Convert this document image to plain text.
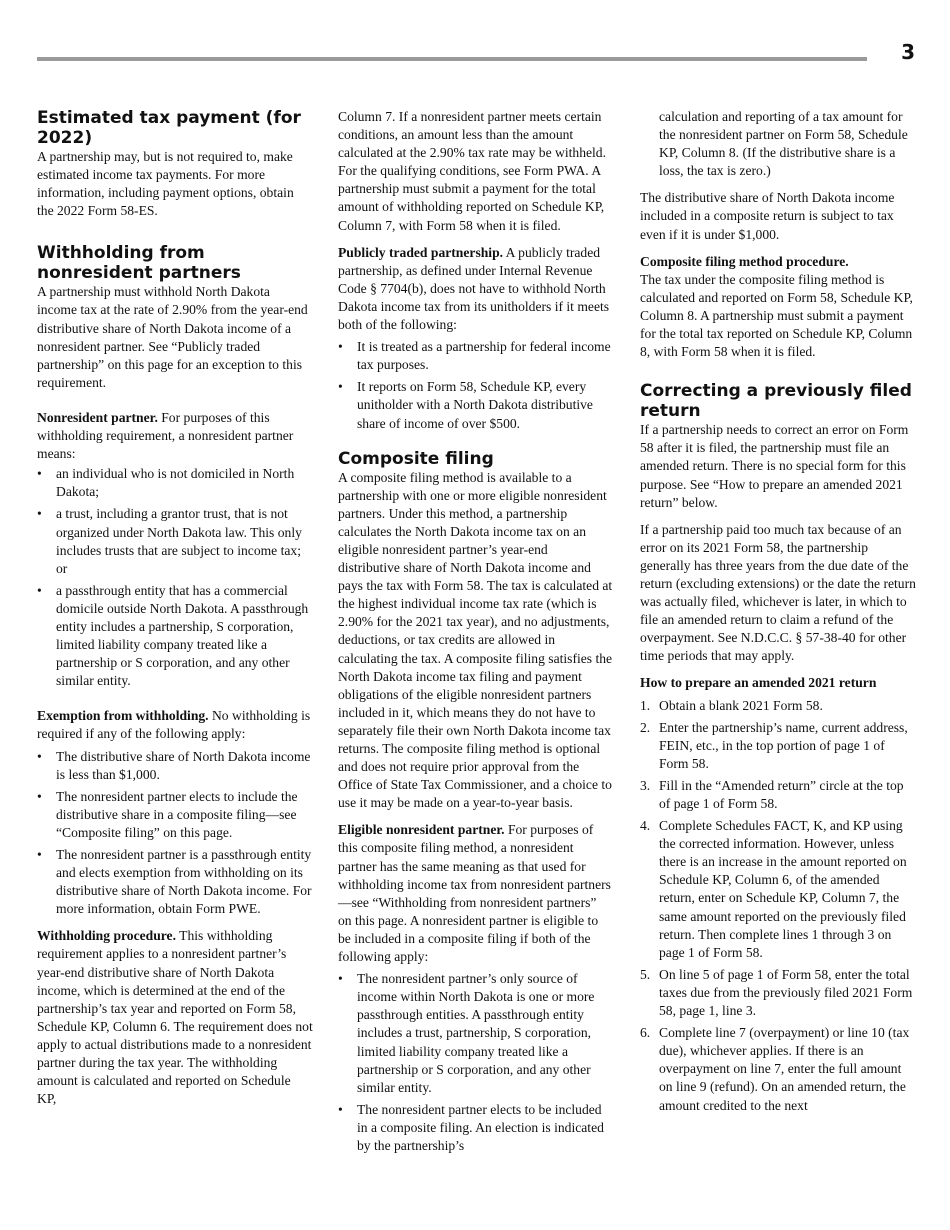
3
Estimated tax payment (for 2022)

A partnership may, but is not required to, make estimated income tax payments. For more information, including payment options, obtain the 2022 Form 58-ES.

Withholding from nonresident partners

A partnership must withhold North Dakota income tax at the rate of 2.90% from the year-end distributive share of North Dakota income of a nonresident partner. See “Publicly traded partnership” on this page for an exception to this requirement.

Nonresident partner. For purposes of this withholding requirement, a nonresident partner means:

• an individual who is not domiciled in North Dakota;
• a trust, including a grantor trust, that is not organized under North Dakota law. This only includes trusts that are subject to income tax; or
• a passthrough entity that has a commercial domicile outside North Dakota. A passthrough entity includes a partnership, S corporation, limited liability company treated like a partnership or S corporation, and any other similar entity.

Exemption from withholding. No withholding is required if any of the following apply:

• The distributive share of North Dakota income is less than $1,000.
• The nonresident partner elects to include the distributive share in a composite filing—see “Composite filing” on this page.
• The nonresident partner is a passthrough entity and elects exemption from withholding on its distributive share of North Dakota income. For more information, obtain Form PWE.

Withholding procedure. This withholding requirement applies to a nonresident partner’s year-end distributive share of North Dakota income, which is determined at the end of the partnership’s tax year and reported on Form 58, Schedule KP, Column 6. The requirement does not apply to actual distributions made to a nonresident partner during the tax year. The withholding amount is calculated and reported on Schedule KP,

Column 7. If a nonresident partner meets certain conditions, an amount less than the amount calculated at the 2.90% tax rate may be withheld. For the qualifying conditions, see Form PWA. A partnership must submit a payment for the total amount of withholding reported on Schedule KP, Column 7, with Form 58 when it is filed.

Publicly traded partnership. A publicly traded partnership, as defined under Internal Revenue Code § 7704(b), does not have to withhold North Dakota income tax from its unitholders if it meets both of the following:

• It is treated as a partnership for federal income tax purposes.
• It reports on Form 58, Schedule KP, every unitholder with a North Dakota distributive share of income of over $500.
Composite filing

A composite filing method is available to a partnership with one or more eligible nonresident partners. Under this method, a partnership calculates the North Dakota income tax on an eligible nonresident partner’s year-end distributive share of North Dakota income and pays the tax with Form 58. The tax is calculated at the highest individual income tax rate (which is 2.90% for the 2021 tax year), and no adjustments, deductions, or tax credits are allowed in calculating the tax. A composite filing satisfies the North Dakota income tax filing and payment obligations of the eligible nonresident partners included in it, which means they do not have to separately file their own North Dakota income tax returns. The composite filing method is optional and does not require prior approval from the Office of State Tax Commissioner, and a choice to use it may be made on a year-to-year basis.

Eligible nonresident partner. For purposes of this composite filing method, a nonresident partner has the same meaning as that used for withholding income tax from nonresident partners—see “Withholding from nonresident partners” on this page. A nonresident partner is eligible to be included in a composite filing if both of the following apply:

• The nonresident partner’s only source of income within North Dakota is one or more passthrough entities. A passthrough entity includes a trust, partnership, S corporation, limited liability company treated like a partnership or S corporation, and any other similar entity.
• The nonresident partner elects to be included in a composite filing. An election is indicated by the partnership’s

calculation and reporting of a tax amount for the nonresident partner on Form 58, Schedule KP, Column 8. (If the distributive share is a loss, the tax is zero.)

The distributive share of North Dakota income included in a composite return is subject to tax even if it is under $1,000.

Composite filing method procedure.

The tax under the composite filing method is calculated and reported on Form 58, Schedule KP, Column 8. A partnership must submit a payment for the total tax reported on Schedule KP, Column 8, with Form 58 when it is filed.

Correcting a previously filed return

If a partnership needs to correct an error on Form 58 after it is filed, the partnership must file an amended return. There is no special form for this purpose. See “How to prepare an amended 2021 return” below.

If a partnership paid too much tax because of an error on its 2021 Form 58, the partnership generally has three years from the due date of the return (excluding extensions) or the date the return was actually filed, whichever is later, in which to file an amended return to claim a refund of the overpayment. See N.D.C.C. § 57-38-40 for other time periods that may apply.

How to prepare an amended 2021 return

1. Obtain a blank 2021 Form 58.
2. Enter the partnership’s name, current address, FEIN, etc., in the top portion of page 1 of Form 58.
3. Fill in the “Amended return” circle at the top of page 1 of Form 58.
4. Complete Schedules FACT, K, and KP using the corrected information. However, unless there is an increase in the amount reported on Schedule KP, Column 6, of the amended return, enter on Schedule KP, Column 7, the same amount reported on the previously filed return. Then complete lines 1 through 3 on page 1 of Form 58.
5. On line 5 of page 1 of Form 58, enter the total taxes due from the previously filed 2021 Form 58, page 1, line 3.
6. Complete line 7 (overpayment) or line 10 (tax due), whichever applies. If there is an overpayment on line 7, enter the full amount on line 9 (refund). On an amended return, the amount credited to the next
